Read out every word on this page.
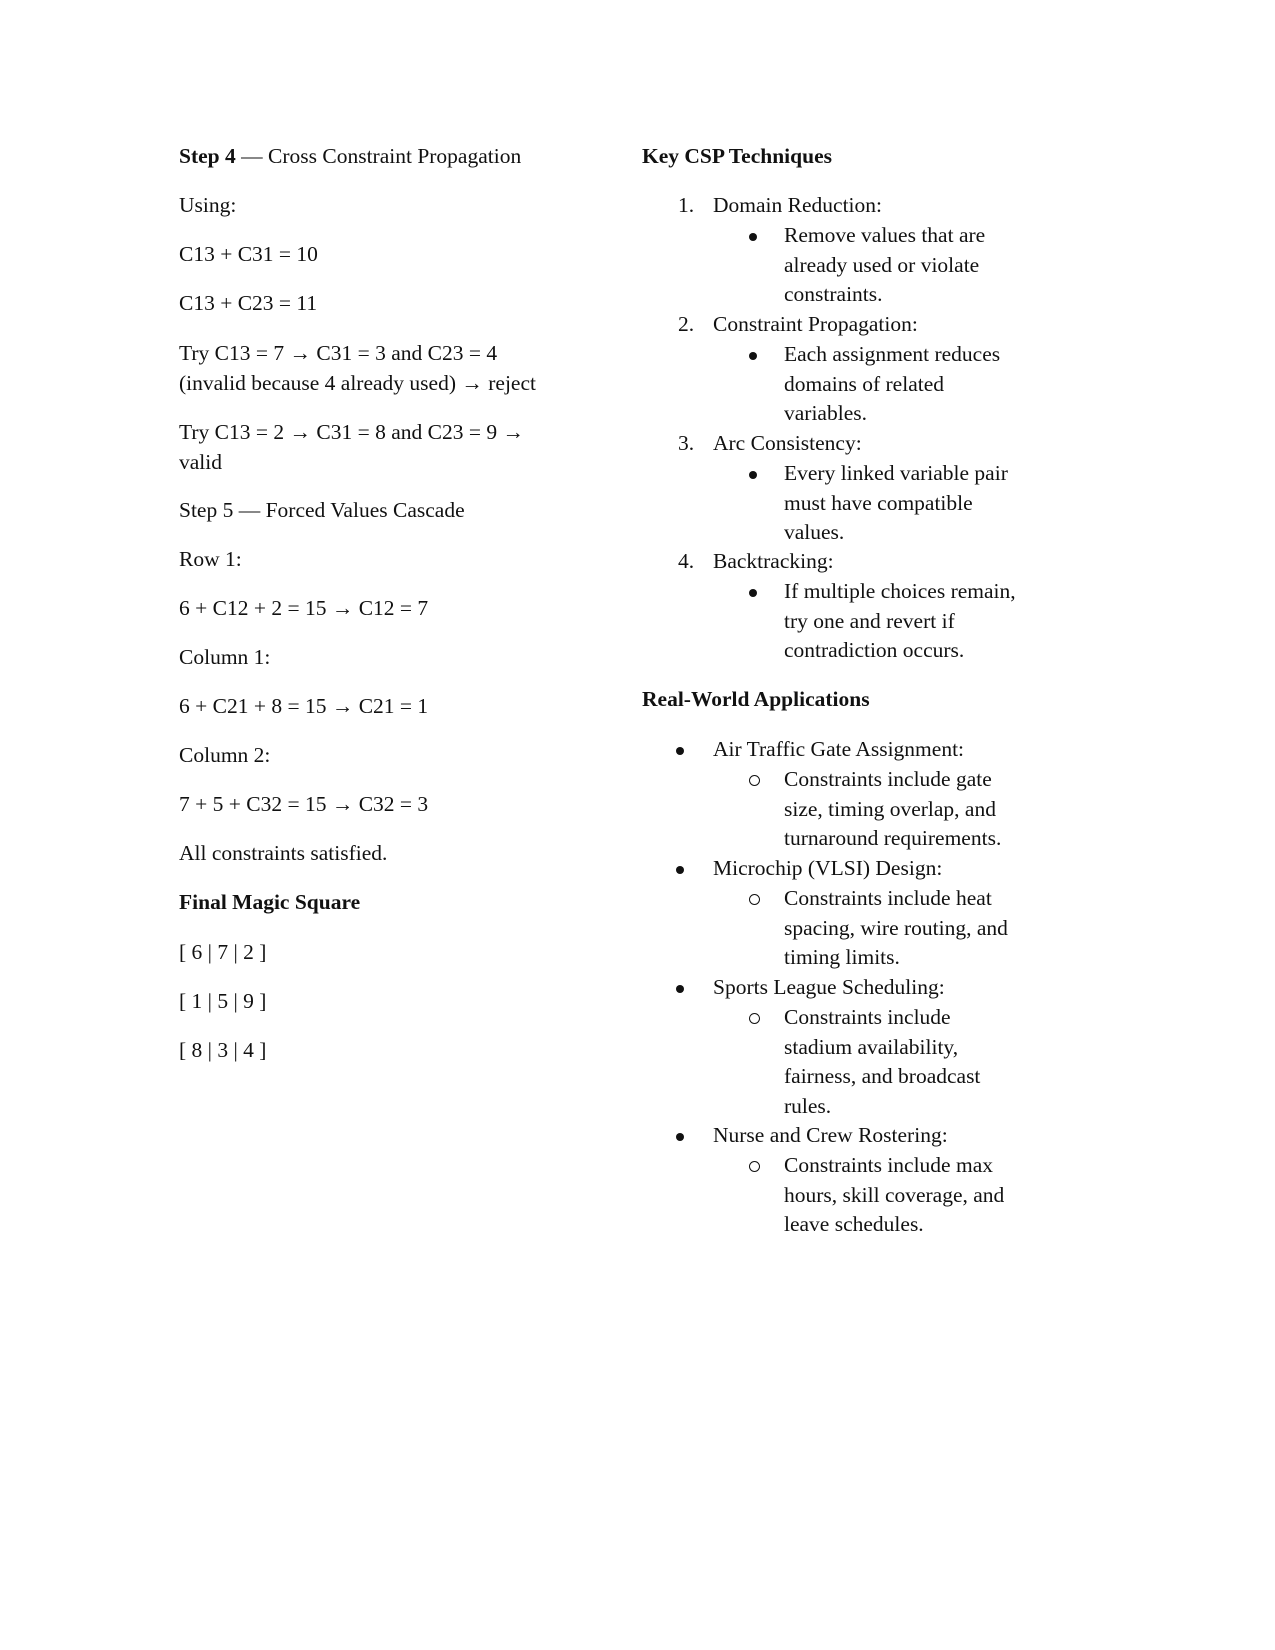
Step 4 — Cross Constraint Propagation
Using:
C13 + C31 = 10
C13 + C23 = 11
Try C13 = 7 → C31 = 3 and C23 = 4
(invalid because 4 already used) → reject
Try C13 = 2 → C31 = 8 and C23 = 9 →
valid
Step 5 — Forced Values Cascade
Row 1:
6 + C12 + 2 = 15 → C12 = 7
Column 1:
6 + C21 + 8 = 15 → C21 = 1
Column 2:
7 + 5 + C32 = 15 → C32 = 3
All constraints satisfied.
Final Magic Square
[ 6 | 7 | 2 ]
[ 1 | 5 | 9 ]
[ 8 | 3 | 4 ]
Key CSP Techniques
1. Domain Reduction:
Remove values that are
already used or violate
constraints.
2. Constraint Propagation:
Each assignment reduces
domains of related
variables.
3. Arc Consistency:
Every linked variable pair
must have compatible
values.
4. Backtracking:
If multiple choices remain,
try one and revert if
contradiction occurs.
Real-World Applications
Air Traffic Gate Assignment:
Constraints include gate
size, timing overlap, and
turnaround requirements.
Microchip (VLSI) Design:
Constraints include heat
spacing, wire routing, and
timing limits.
Sports League Scheduling:
Constraints include
stadium availability,
fairness, and broadcast
rules.
Nurse and Crew Rostering:
Constraints include max
hours, skill coverage, and
leave schedules.
